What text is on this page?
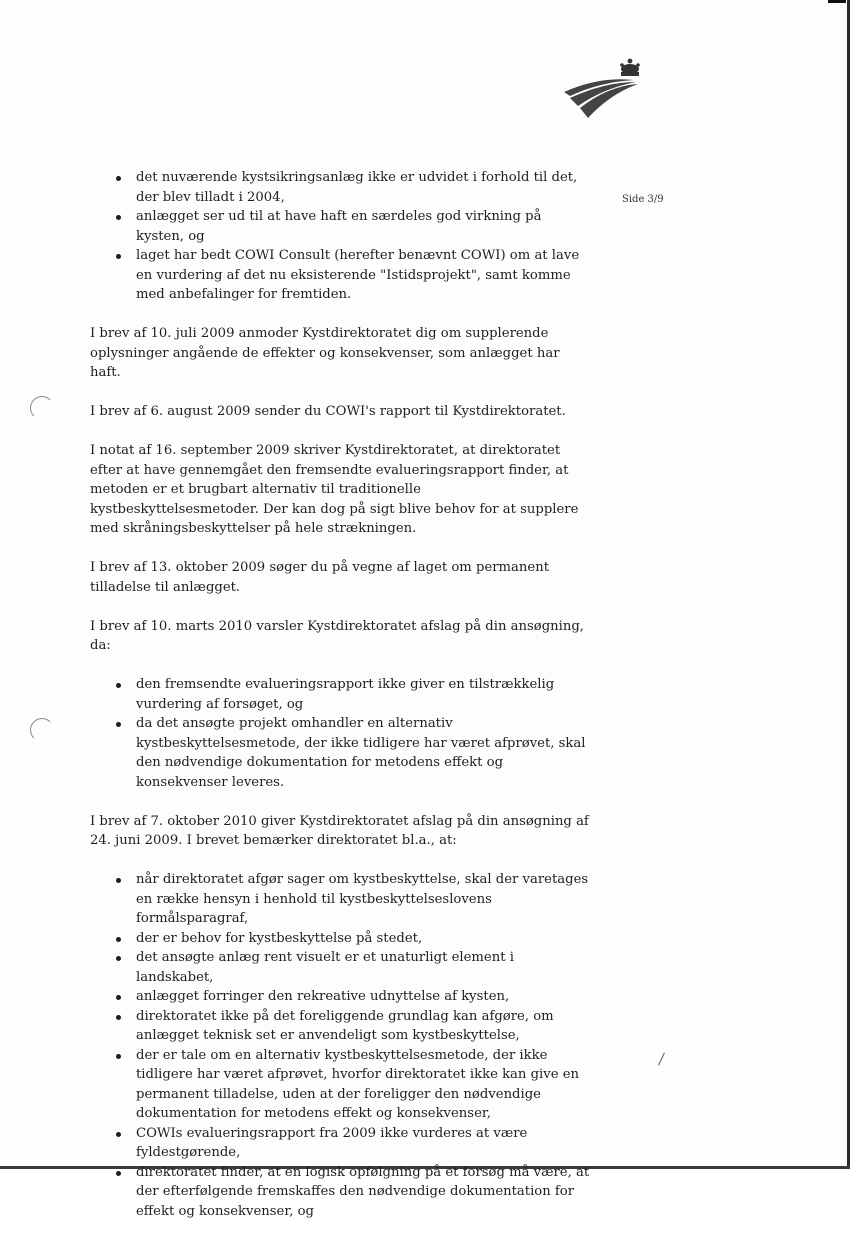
Side 3/9
det nuværende kystsikringsanlæg ikke er udvidet i forhold til det, der blev tilladt i 2004,
anlægget ser ud til at have haft en særdeles god virkning på kysten, og
laget har bedt COWI Consult (herefter benævnt COWI) om at lave en vurdering af det nu eksisterende "Istidsprojekt", samt komme med anbefalinger for fremtiden.

I brev af 10. juli 2009 anmoder Kystdirektoratet dig om supplerende oplysninger angående de effekter og konsekvenser, som anlægget har haft.

I brev af 6. august 2009 sender du COWI's rapport til Kystdirektoratet.

I notat af 16. september 2009 skriver Kystdirektoratet, at direktoratet efter at have gennemgået den fremsendte evalueringsrapport finder, at metoden er et brugbart alternativ til traditionelle kystbeskyttelsesmetoder. Der kan dog på sigt blive behov for at supplere med skråningsbeskyttelser på hele strækningen.

I brev af 13. oktober 2009 søger du på vegne af laget om permanent tilladelse til anlægget.

I brev af 10. marts 2010 varsler Kystdirektoratet afslag på din ansøgning, da:

den fremsendte evalueringsrapport ikke giver en tilstrækkelig vurdering af forsøget, og
da det ansøgte projekt omhandler en alternativ kystbeskyttelsesmetode, der ikke tidligere har været afprøvet, skal den nødvendige dokumentation for metodens effekt og konsekvenser leveres.

I brev af 7. oktober 2010 giver Kystdirektoratet afslag på din ansøgning af 24. juni 2009. I brevet bemærker direktoratet bl.a., at:

når direktoratet afgør sager om kystbeskyttelse, skal der varetages en række hensyn i henhold til kystbeskyttelseslovens formålsparagraf,
der er behov for kystbeskyttelse på stedet,
det ansøgte anlæg rent visuelt er et unaturligt element i landskabet,
anlægget forringer den rekreative udnyttelse af kysten,
direktoratet ikke på det foreliggende grundlag kan afgøre, om anlægget teknisk set er anvendeligt som kystbeskyttelse,
der er tale om en alternativ kystbeskyttelsesmetode, der ikke tidligere har været afprøvet, hvorfor direktoratet ikke kan give en permanent tilladelse, uden at der foreligger den nødvendige dokumentation for metodens effekt og konsekvenser,
COWIs evalueringsrapport fra 2009 ikke vurderes at være fyldestgørende,
direktoratet finder, at en logisk opfølgning på et forsøg må være, at der efterfølgende fremskaffes den nødvendige dokumentation for effekt og konsekvenser, og
